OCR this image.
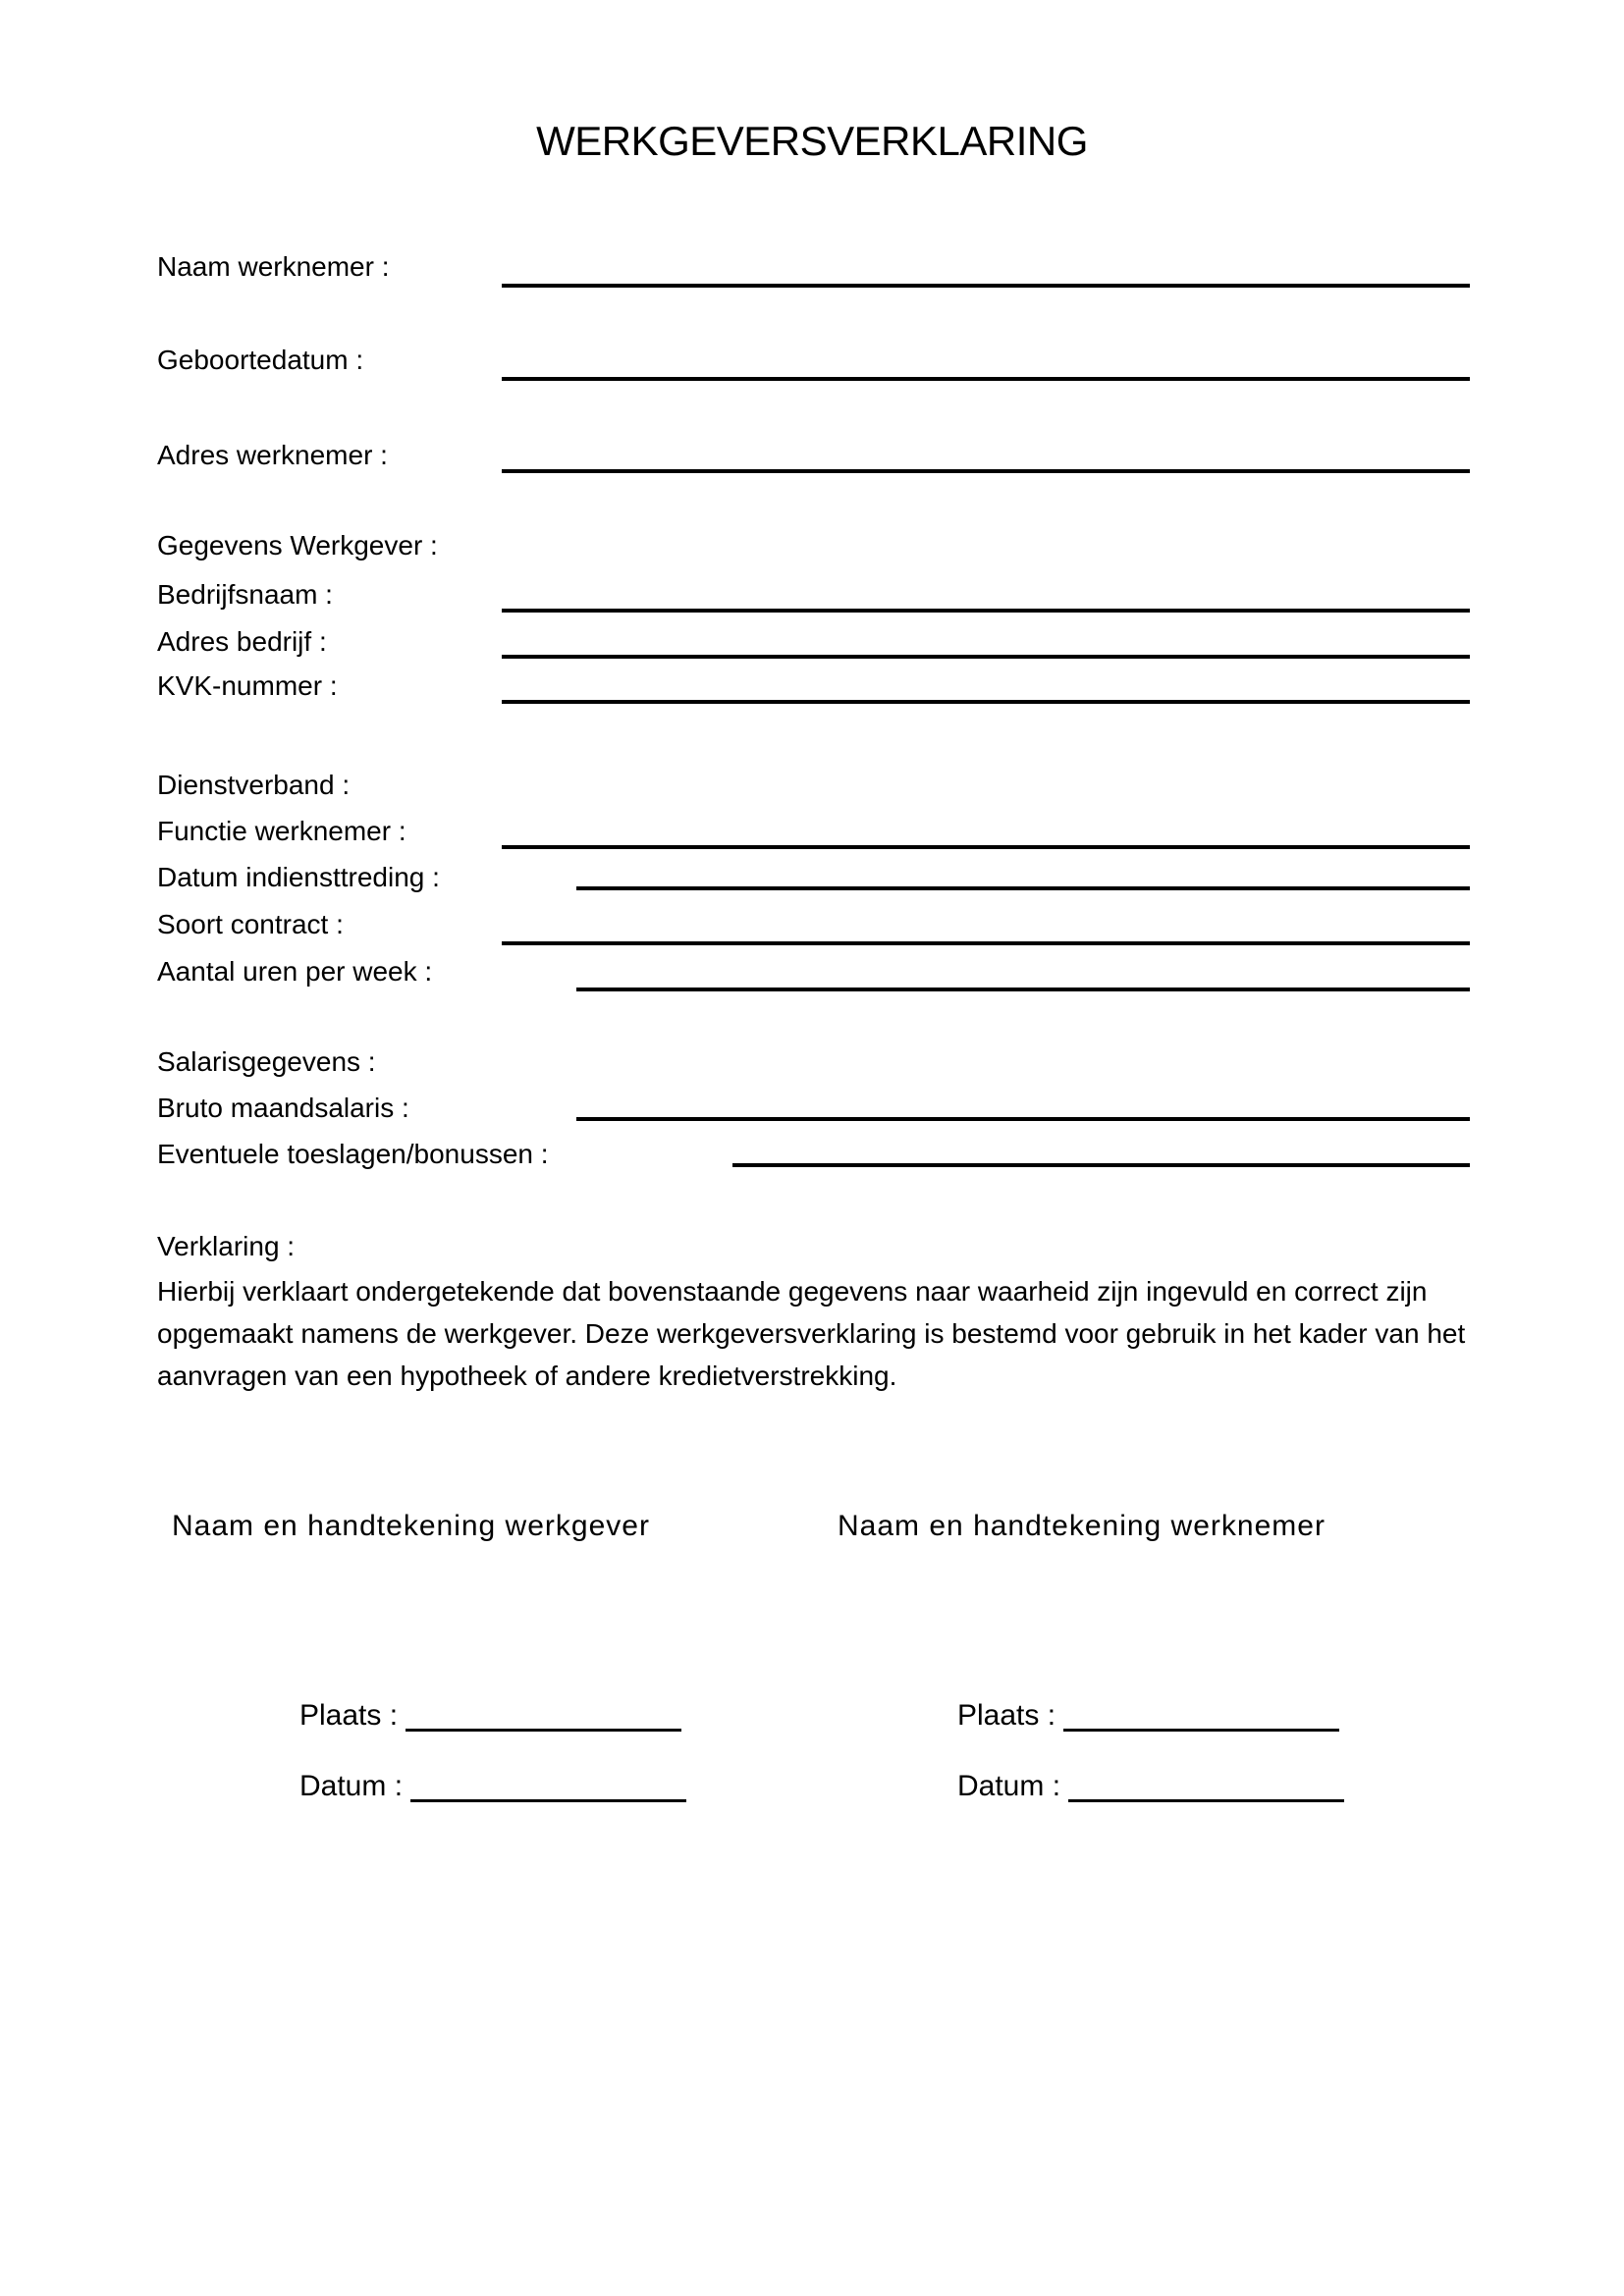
WERKGEVERSVERKLARING
Naam werknemer :
Geboortedatum :
Adres werknemer :
Gegevens Werkgever :
Bedrijfsnaam :
Adres bedrijf :
KVK-nummer :
Dienstverband :
Functie werknemer :
Datum indiensttreding :
Soort contract :
Aantal uren per week :
Salarisgegevens :
Bruto maandsalaris :
Eventuele toeslagen/bonussen :
Verklaring :
Hierbij verklaart ondergetekende dat bovenstaande gegevens naar waarheid zijn ingevuld en correct zijn
opgemaakt namens de werkgever. Deze werkgeversverklaring is bestemd voor gebruik in het kader van het
aanvragen van een hypotheek of andere kredietverstrekking.
Naam en handtekening werkgever	Naam en handtekening werknemer
Plaats :
Datum :
Plaats :
Datum :
